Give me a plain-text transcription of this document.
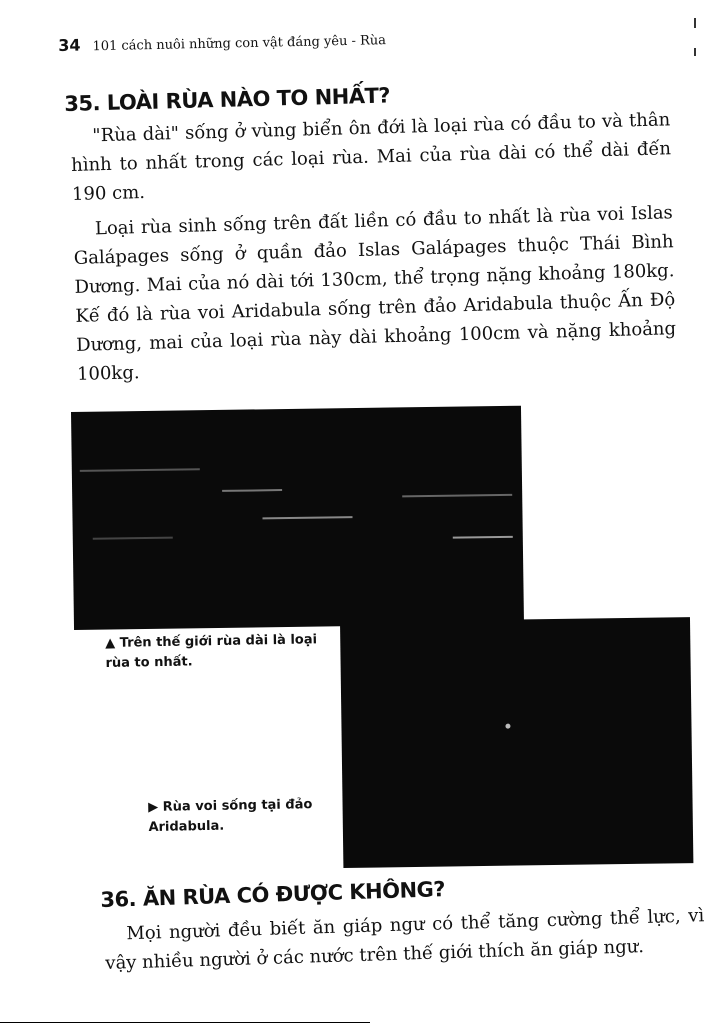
34 101 cách nuôi những con vật đáng yêu - Rùa
35. LOÀI RÙA NÀO TO NHẤT?

"Rùa dài" sống ở vùng biển ôn đới là loại rùa có đầu to và thân hình to nhất trong các loại rùa. Mai của rùa dài có thể dài đến 190 cm.

Loại rùa sinh sống trên đất liền có đầu to nhất là rùa voi Islas Galápages sống ở quần đảo Islas Galápages thuộc Thái Bình Dương. Mai của nó dài tới 130cm, thể trọng nặng khoảng 180kg. Kế đó là rùa voi Aridabula sống trên đảo Aridabula thuộc Ấn Độ Dương, mai của loại rùa này dài khoảng 100cm và nặng khoảng 100kg.

▲ Trên thế giới rùa dài là loại rùa to nhất.
▶ Rùa voi sống tại đảo Aridabula.
36. ĂN RÙA CÓ ĐƯỢC KHÔNG?

Mọi người đều biết ăn giáp ngư có thể tăng cường thể lực, vì vậy nhiều người ở các nước trên thế giới thích ăn giáp ngư.
